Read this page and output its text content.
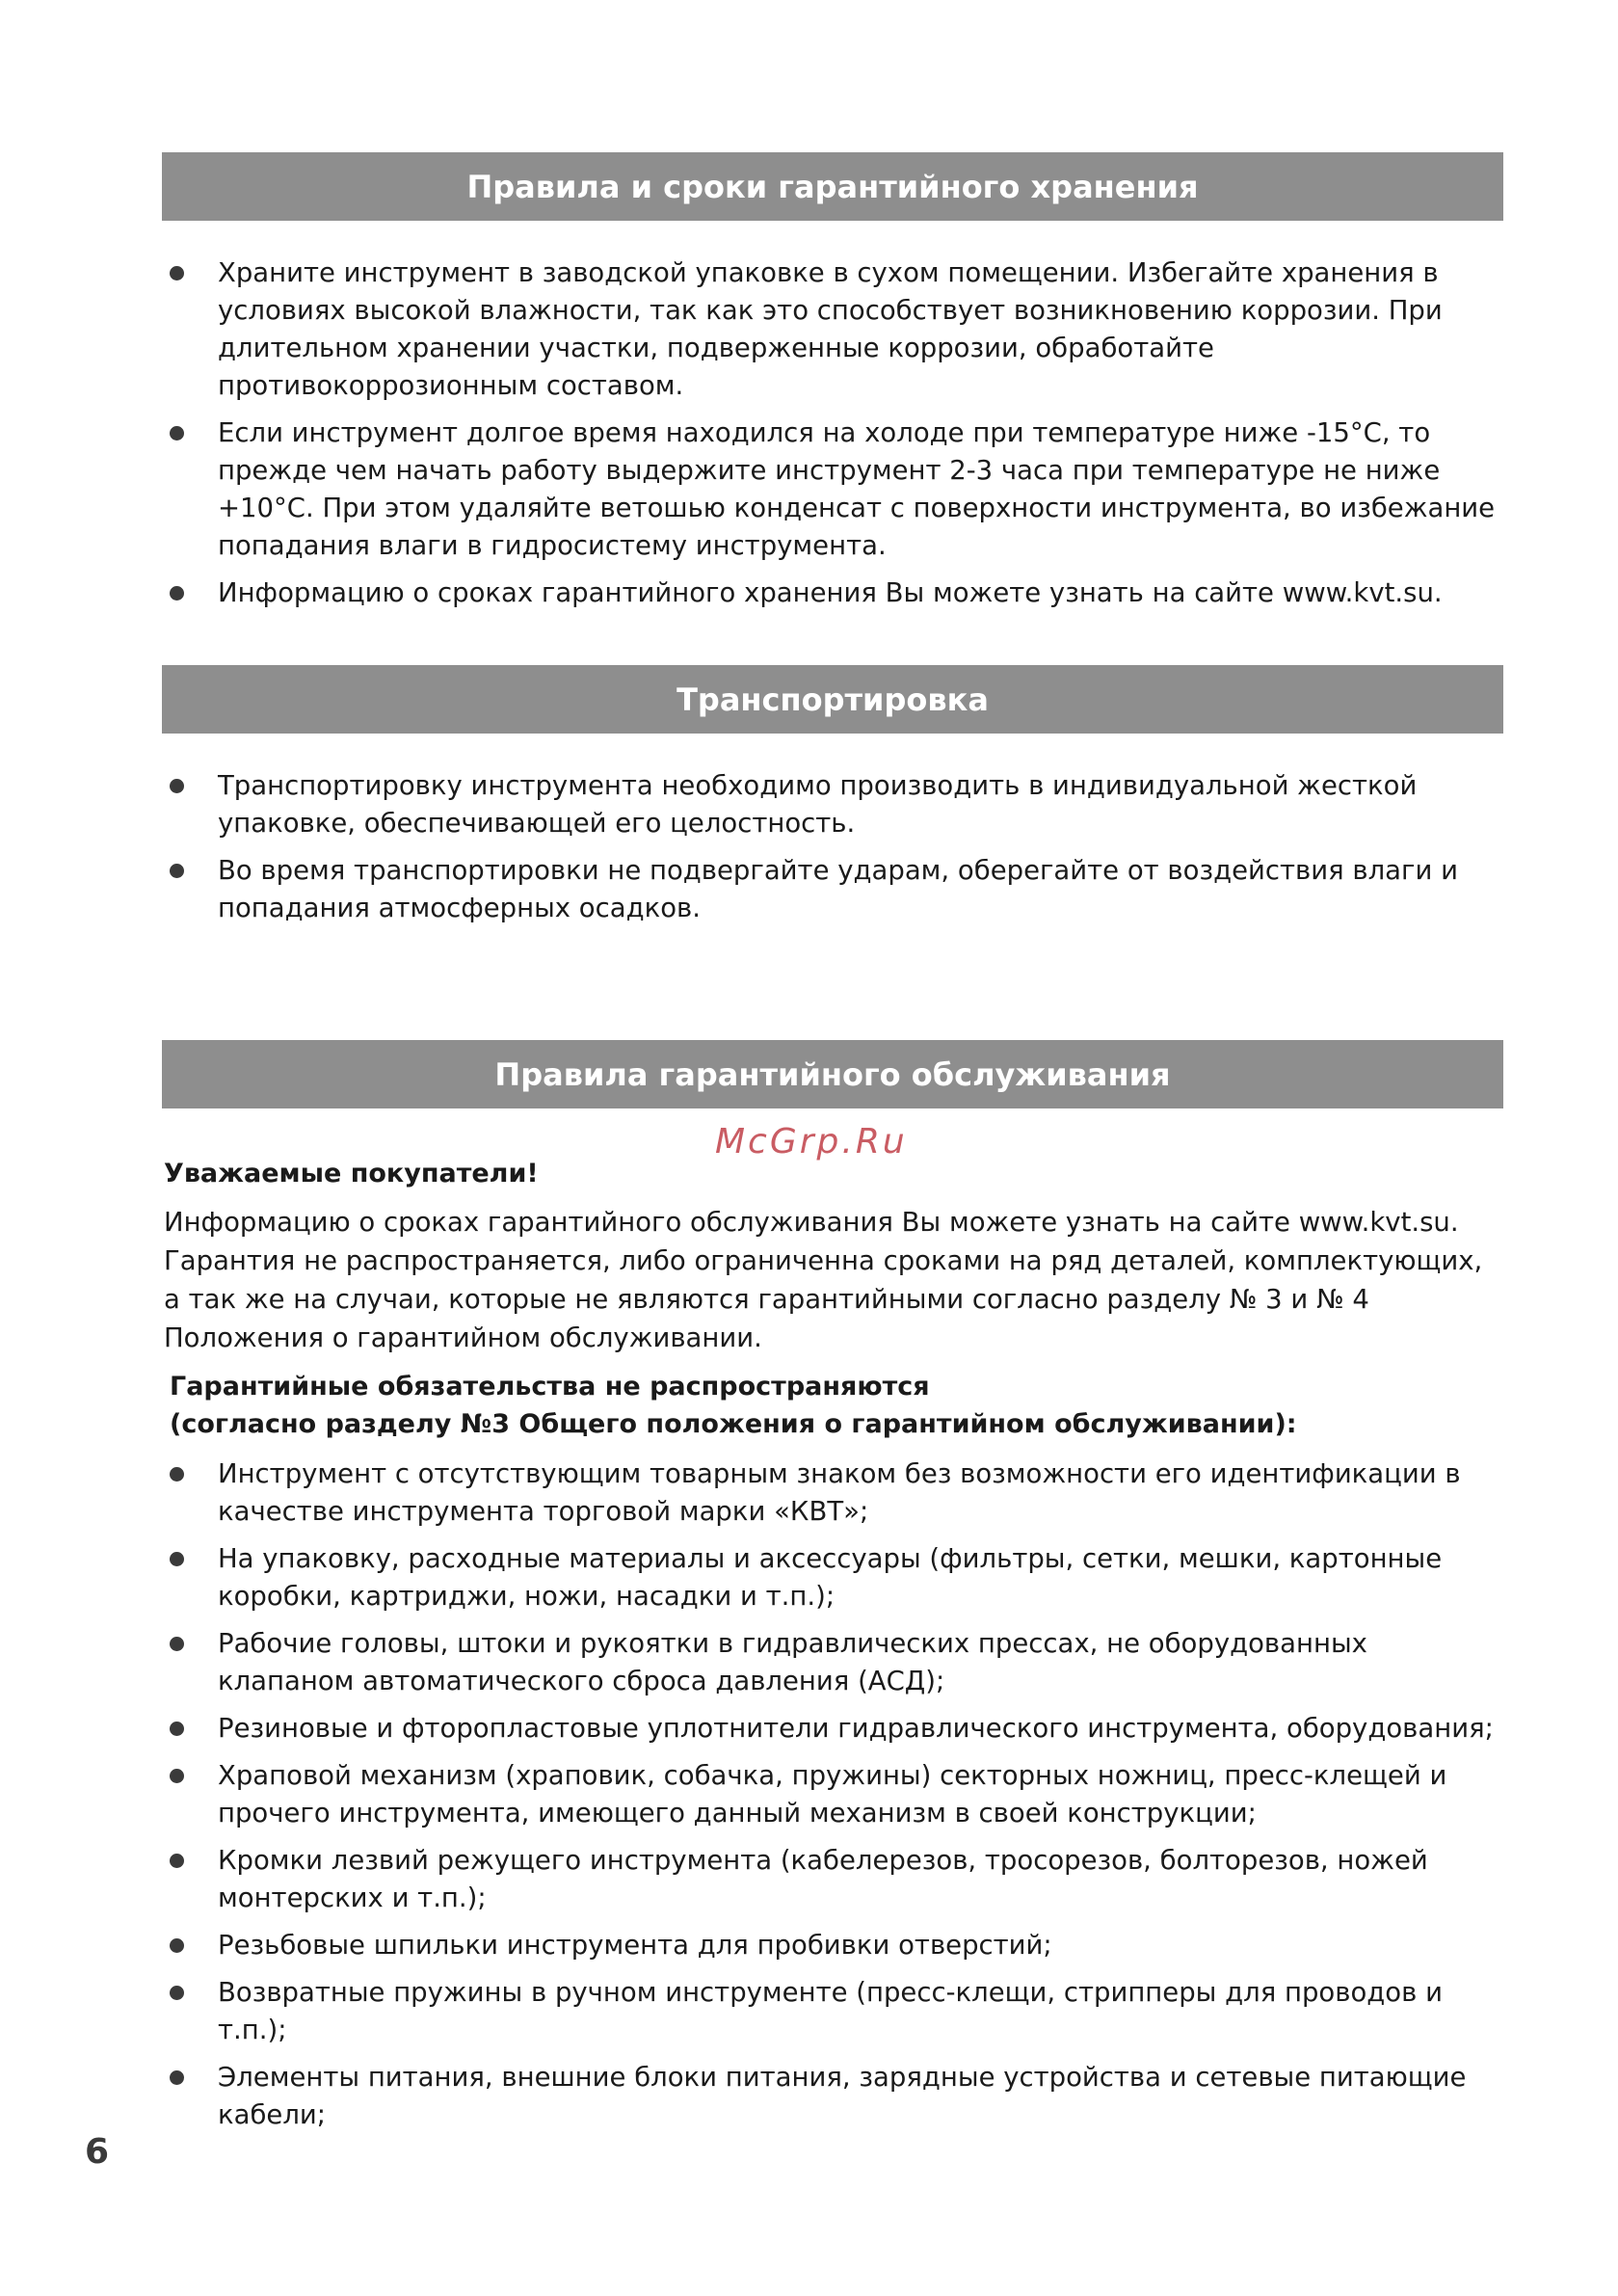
Правила и сроки гарантийного хранения
Храните инструмент в заводской упаковке в сухом помещении. Избегайте хранения в условиях высокой влажности, так как это способствует возникновению коррозии. При длительном хранении участки, подверженные коррозии, обработайте противокоррозионным составом.
Если инструмент долгое время находился на холоде при температуре ниже -15°С, то прежде чем начать работу выдержите инструмент 2-3 часа при температуре не ниже +10°С. При этом удаляйте ветошью конденсат с поверхности инструмента, во избежание попадания влаги в гидросистему инструмента.
Информацию о сроках гарантийного хранения Вы можете узнать на сайте www.kvt.su.
Транспортировка
Транспортировку инструмента необходимо производить в индивидуальной жесткой упаковке, обеспечивающей его целостность.
Во время транспортировки не подвергайте ударам, оберегайте от воздействия влаги и попадания атмосферных осадков.
Правила гарантийного обслуживания
McGrp.Ru

Уважаемые покупатели!

Информацию о сроках гарантийного обслуживания Вы можете узнать на сайте www.kvt.su. Гарантия не распространяется, либо ограниченна сроками на ряд деталей, комплектующих, а так же на случаи, которые не являются гарантийными согласно разделу № 3 и № 4 Положения о гарантийном обслуживании.

Гарантийные обязательства не распространяются

(согласно разделу №3 Общего положения о гарантийном обслуживании):

Инструмент с отсутствующим товарным знаком без возможности его идентификации в качестве инструмента торговой марки «КВТ»;
На упаковку, расходные материалы и аксессуары (фильтры, сетки, мешки, картонные коробки, картриджи, ножи, насадки и т.п.);
Рабочие головы, штоки и рукоятки в гидравлических прессах, не оборудованных клапаном автоматического сброса давления (АСД);
Резиновые и фторопластовые уплотнители гидравлического инструмента, оборудования;
Храповой механизм (храповик, собачка, пружины) секторных ножниц, пресс-клещей и прочего инструмента, имеющего данный механизм в своей конструкции;
Кромки лезвий режущего инструмента (кабелерезов, тросорезов, болторезов, ножей монтерских и т.п.);
Резьбовые шпильки инструмента для пробивки отверстий;
Возвратные пружины в ручном инструменте (пресс-клещи, стрипперы для проводов и т.п.);
Элементы питания, внешние блоки питания, зарядные устройства и сетевые питающие кабели;
6
